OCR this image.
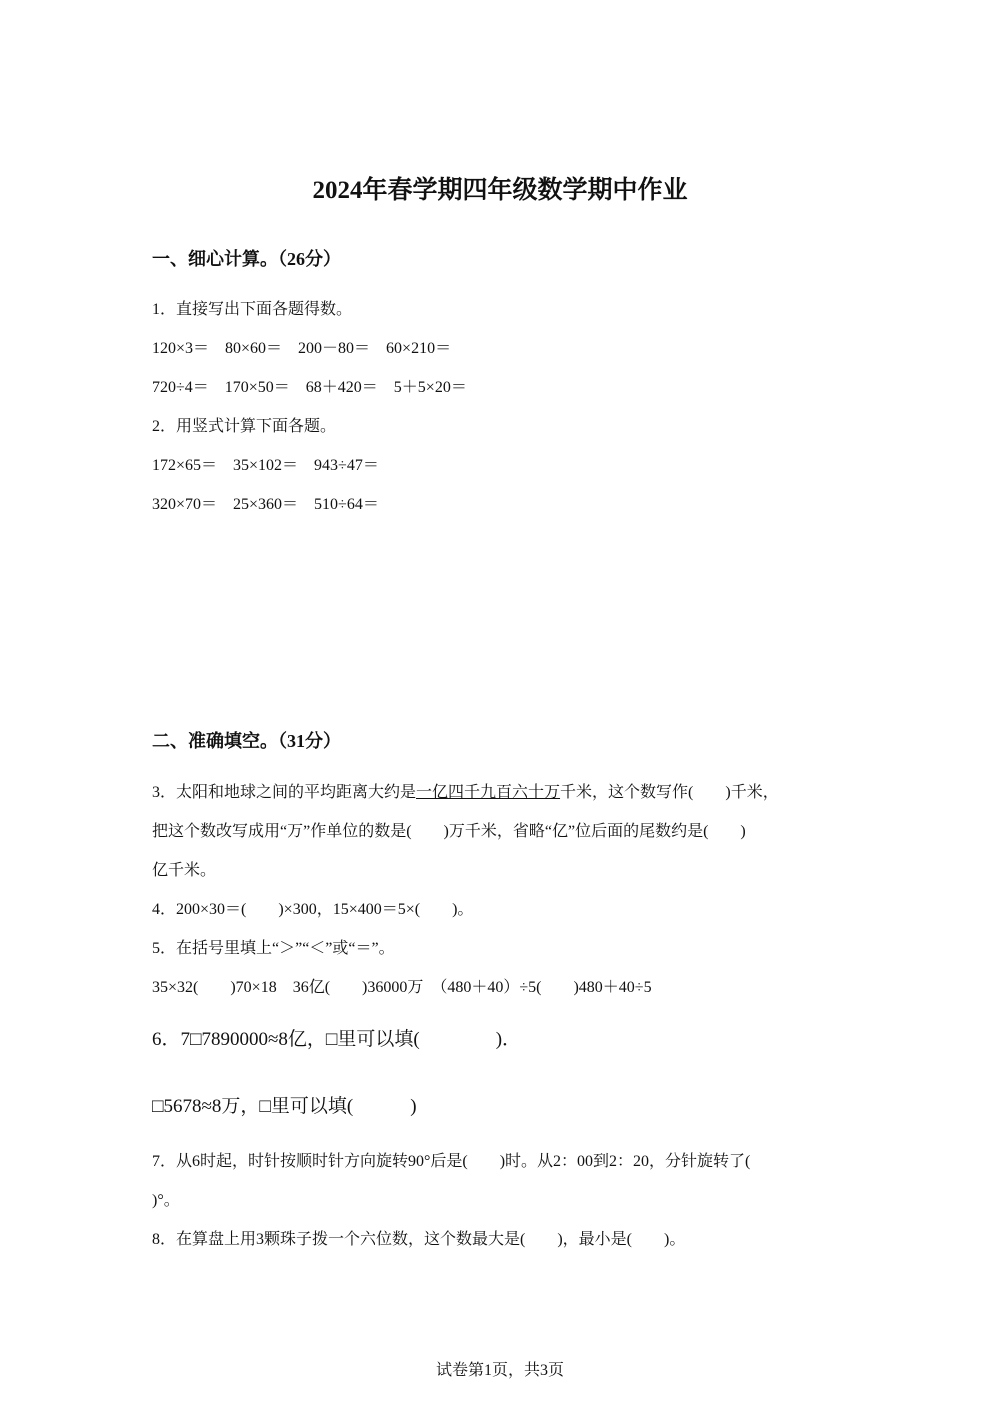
2024年春学期四年级数学期中作业
一、细心计算。（26分）
1．直接写出下面各题得数。
120×3＝　80×60＝　200－80＝　60×210＝
720÷4＝　170×50＝　68＋420＝　5＋5×20＝
2．用竖式计算下面各题。
172×65＝　35×102＝　943÷47＝
320×70＝　25×360＝　510÷64＝
二、准确填空。（31分）
3．太阳和地球之间的平均距离大约是一亿四千九百六十万千米，这个数写作(　　)千米，
把这个数改写成用“万”作单位的数是(　　)万千米，省略“亿”位后面的尾数约是(　　)
亿千米。
4．200×30＝(　　)×300，15×400＝5×(　　)。
5．在括号里填上“＞”“＜”或“＝”。
35×32(　　)70×18　36亿(　　)36000万　（480＋40）÷5(　　)480＋40÷5
6．7□7890000≈8亿，□里可以填(　　　　)．
□5678≈8万，□里可以填(　　　)
7．从6时起，时针按顺时针方向旋转90°后是(　　)时。从2：00到2：20，分针旋转了(
)°。
8．在算盘上用3颗珠子拨一个六位数，这个数最大是(　　)，最小是(　　)。
试卷第1页，共3页
